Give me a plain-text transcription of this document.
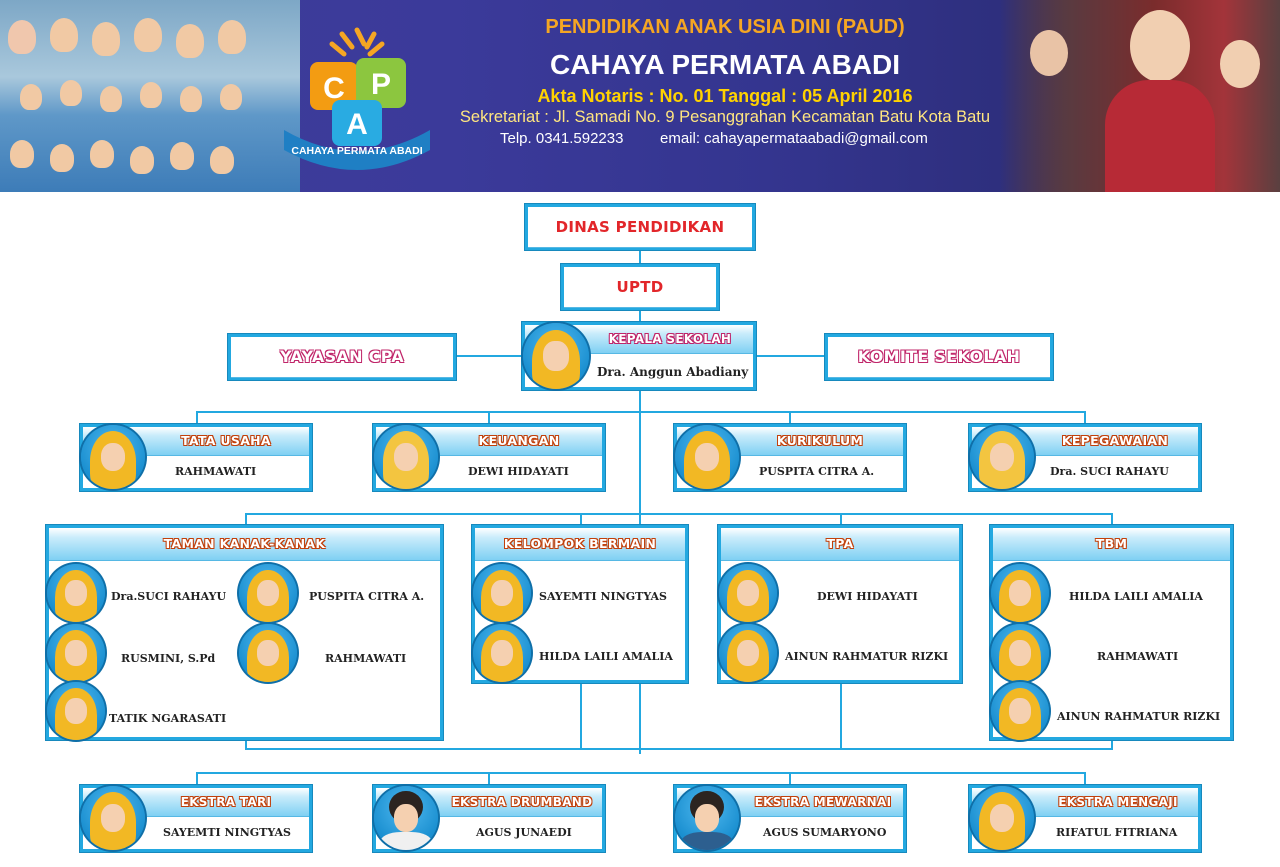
C P
A
CAHAYA PERMATA ABADI
PENDIDIKAN ANAK USIA DINI (PAUD)
CAHAYA PERMATA ABADI
Akta Notaris : No. 01 Tanggal : 05 April 2016
Sekretariat : Jl. Samadi No. 9 Pesanggrahan Kecamatan Batu Kota Batu
Telp. 0341.592233	email: cahayapermataabadi@gmail.com
DINAS PENDIDIKAN
UPTD
YAYASAN CPA	KOMITE SEKOLAH
KEPALA SEKOLAH
Dra. Anggun Abadiany
TATA USAHA
RAHMAWATI
KEUANGAN
DEWI HIDAYATI
KURIKULUM
PUSPITA CITRA A.
KEPEGAWAIAN
Dra. SUCI RAHAYU
TAMAN KANAK-KANAK
Dra.SUCI RAHAYU	PUSPITA CITRA A.
RUSMINI, S.Pd	RAHMAWATI
TATIK NGARASATI
KELOMPOK BERMAIN
SAYEMTI NINGTYAS
HILDA LAILI AMALIA
TPA
DEWI HIDAYATI
AINUN RAHMATUR RIZKI
TBM
HILDA LAILI AMALIA
RAHMAWATI
AINUN RAHMATUR RIZKI
EKSTRA TARI
SAYEMTI NINGTYAS
EKSTRA DRUMBAND
AGUS JUNAEDI
EKSTRA MEWARNAI
AGUS SUMARYONO
EKSTRA MENGAJI
RIFATUL FITRIANA
